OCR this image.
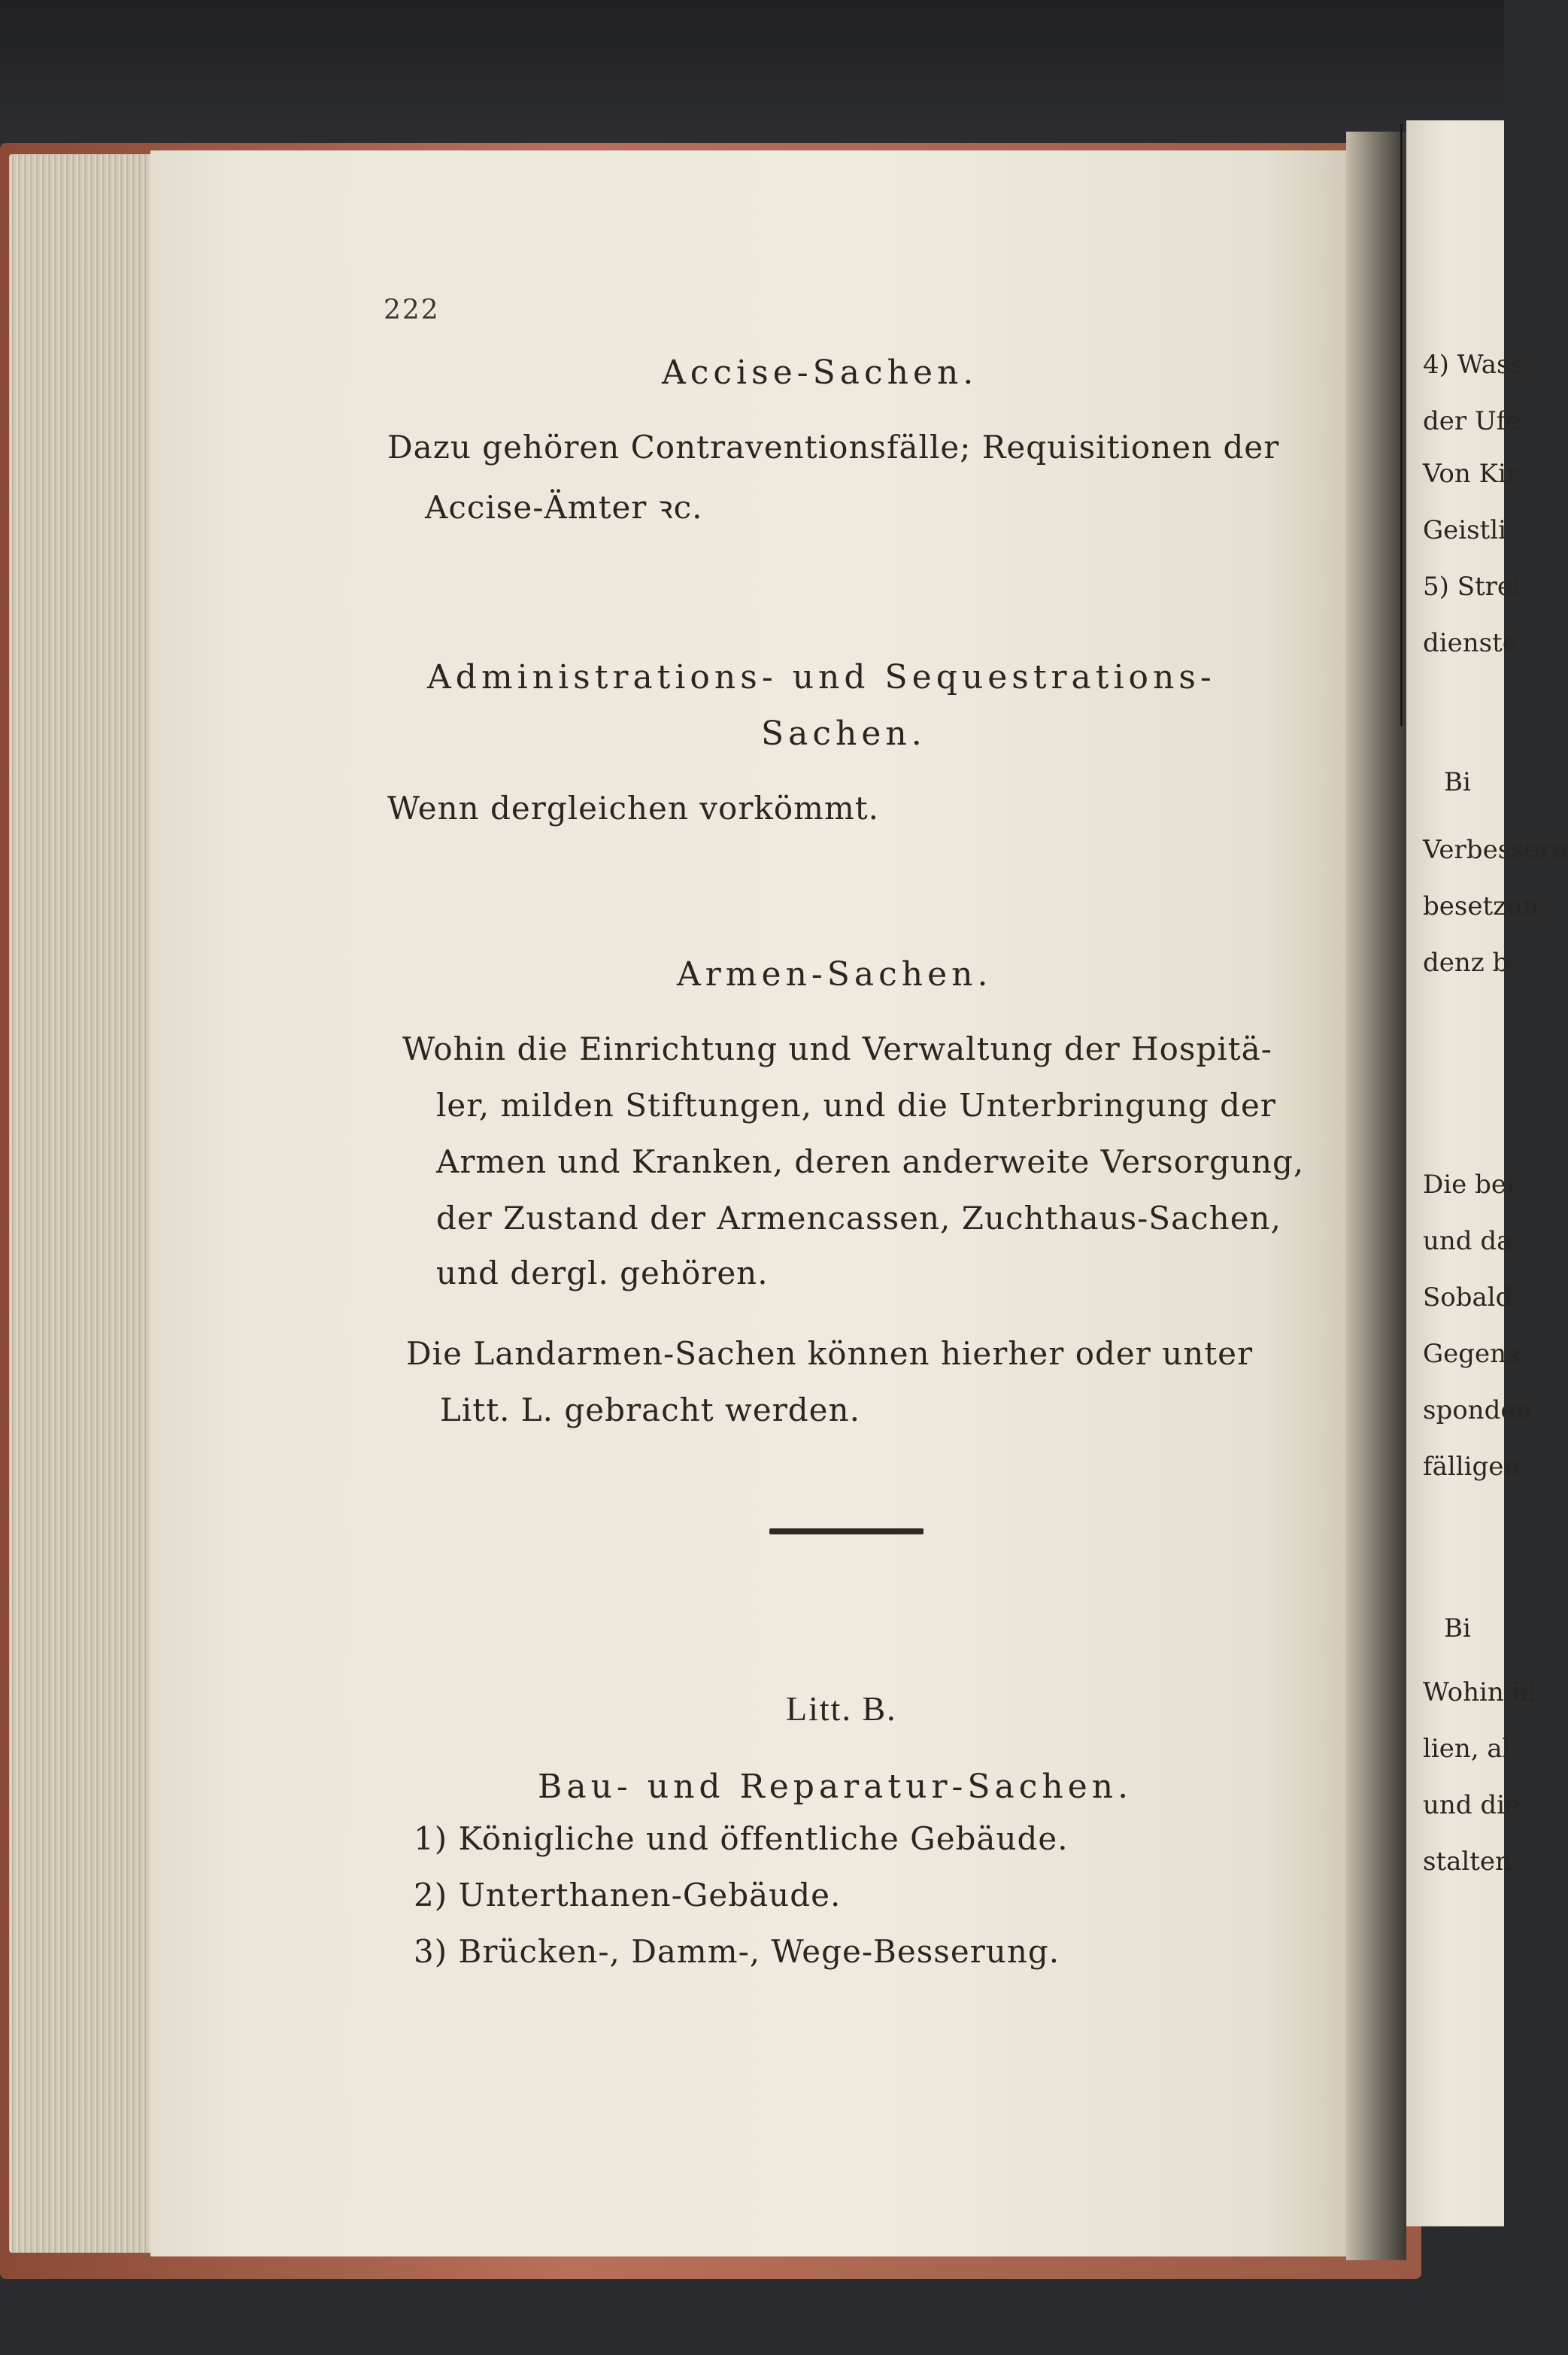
4) Wass
der Ufe
Von Kir
Geistli
5) Strei
dienste
Bi
Verbesseru
besetzun
denz b
Die bei
und da
Sobald
Gegens
sponden
fälligen
Bi
Wohin ül
lien, al
und die
stalten
222
Accise-Sachen.
Dazu gehören Contraventionsfälle; Requisitionen der
Accise-Ämter ꝛc.
Administrations- und Sequestrations-
Sachen.
Wenn dergleichen vorkömmt.
Armen-Sachen.
Wohin die Einrichtung und Verwaltung der Hospitä-
ler, milden Stiftungen, und die Unterbringung der
Armen und Kranken, deren anderweite Versorgung,
der Zustand der Armencassen, Zuchthaus-Sachen,
und dergl. gehören.
Die Landarmen-Sachen können hierher oder unter
Litt. L. gebracht werden.
Litt. B.
Bau- und Reparatur-Sachen.
1) Königliche und öffentliche Gebäude.
2) Unterthanen-Gebäude.
3) Brücken-, Damm-, Wege-Besserung.
